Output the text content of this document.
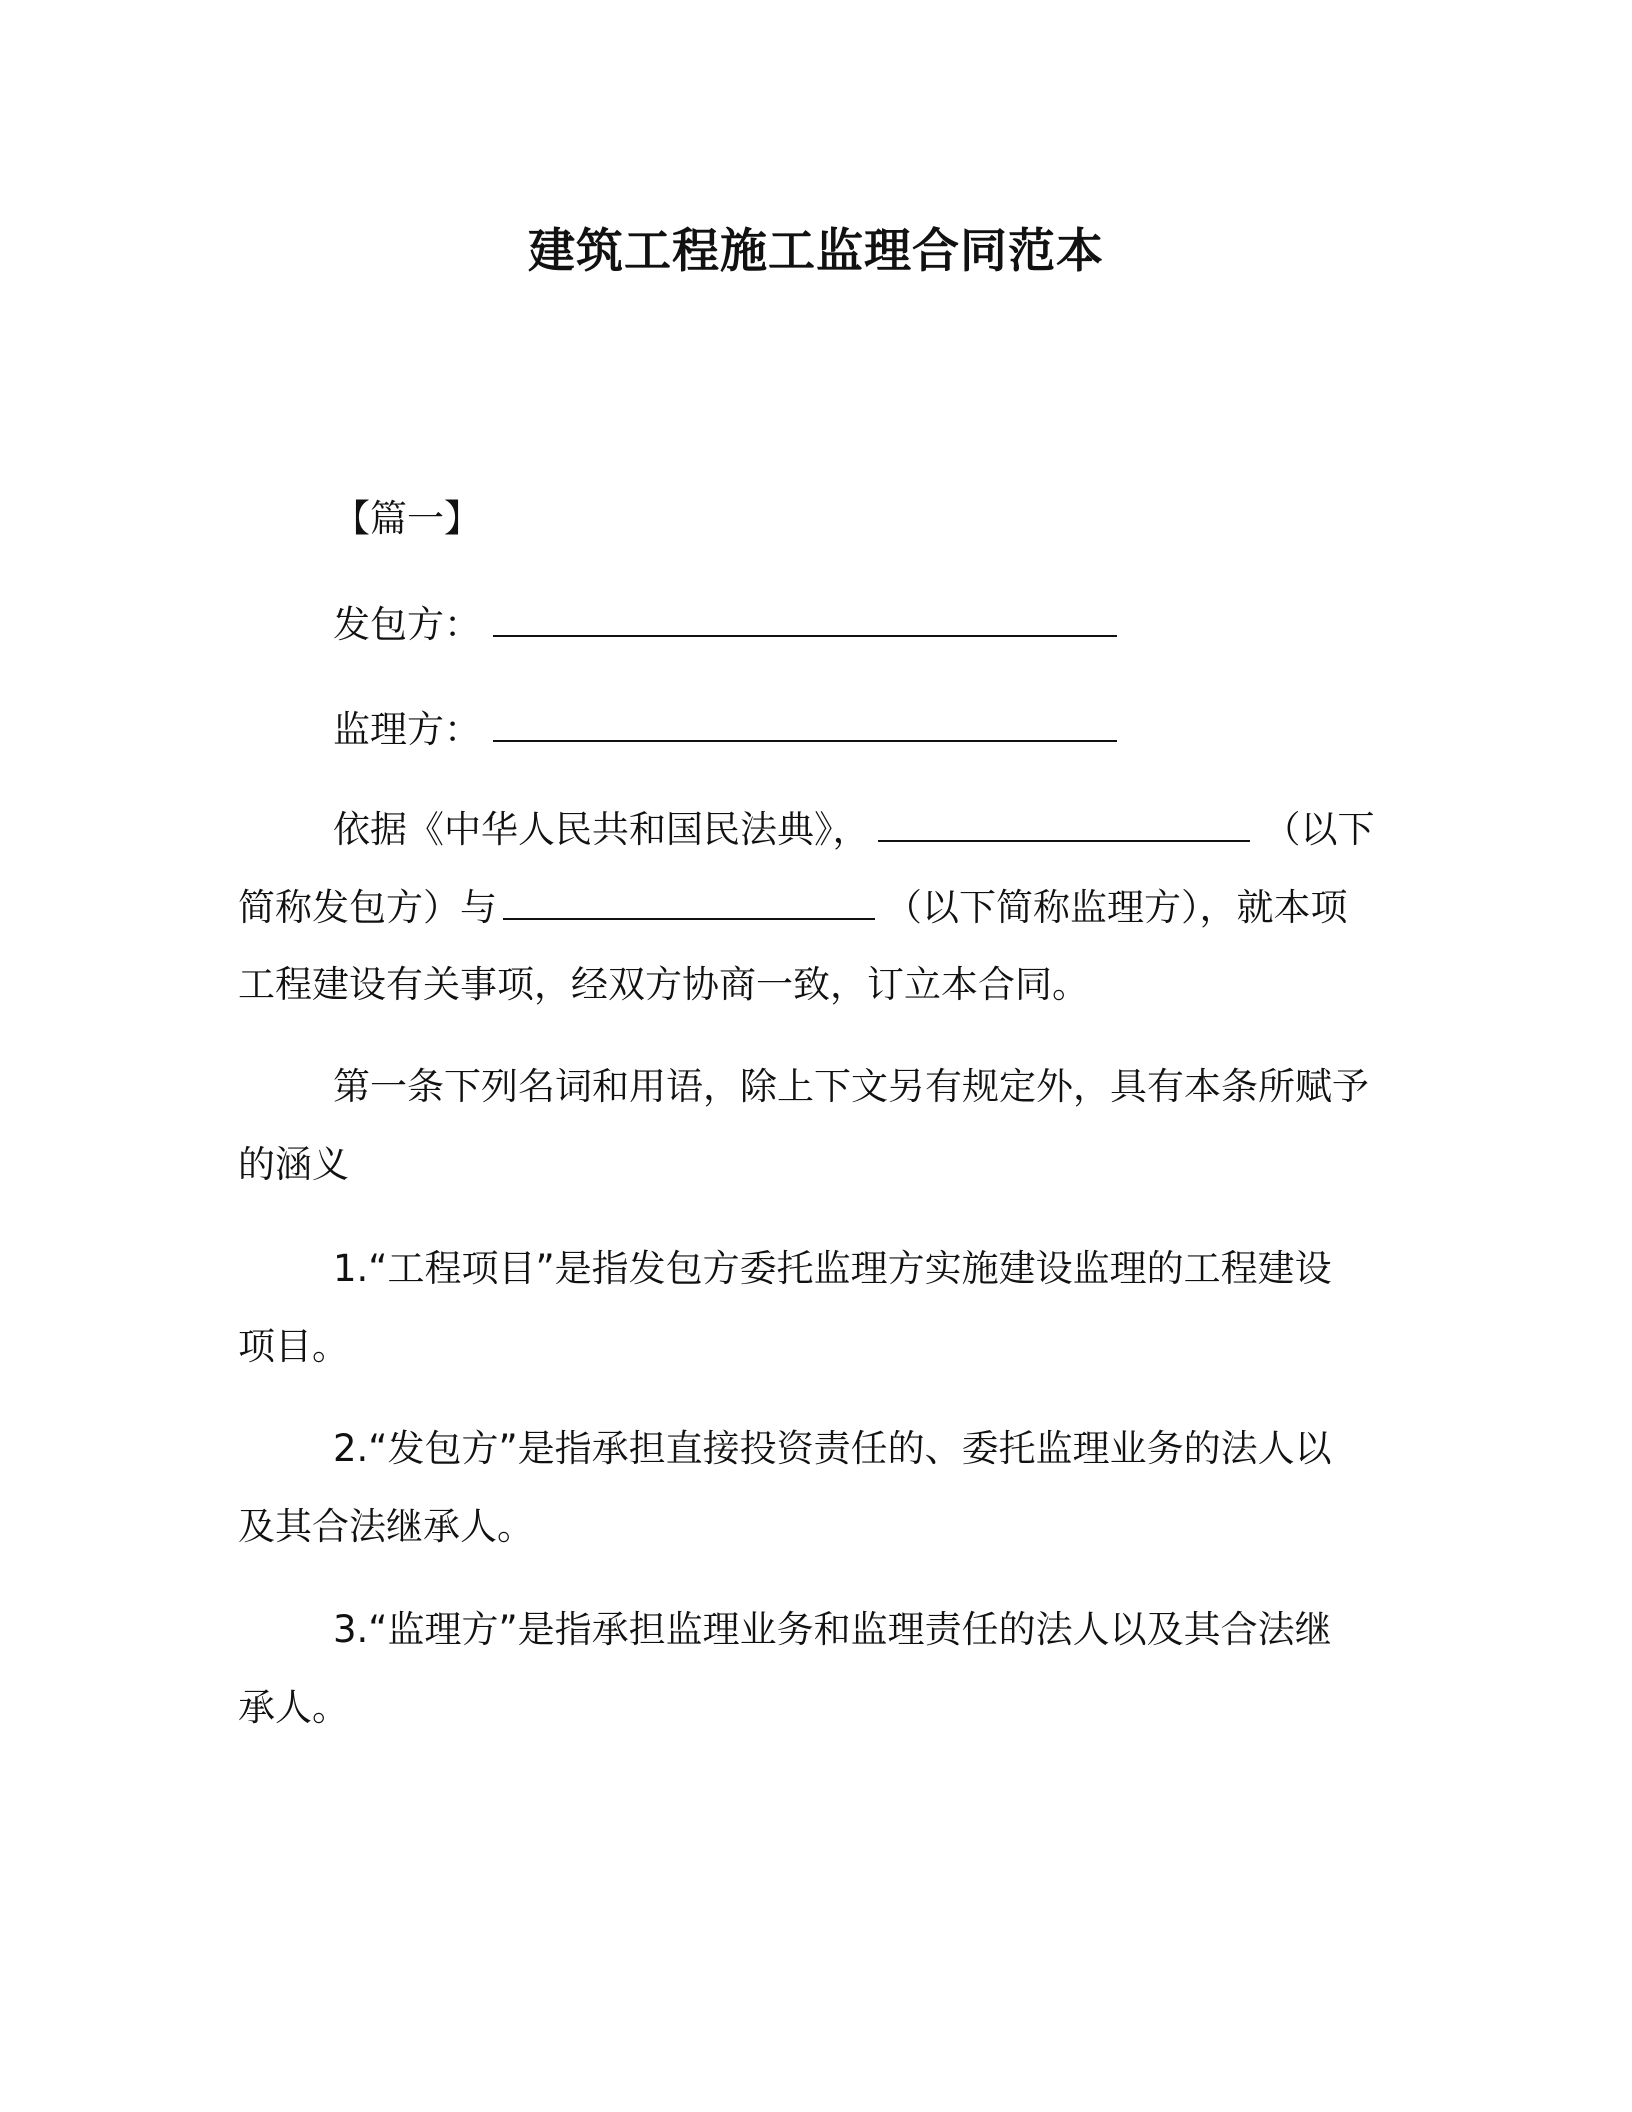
建筑工程施工监理合同范本
【篇一】
发包方：
监理方：
依据《中华人民共和国民法典》，	（以下
简称发包方）与	（以下简称监理方），就本项
工程建设有关事项，经双方协商一致，订立本合同。
第一条下列名词和用语，除上下文另有规定外，具有本条所赋予
的涵义
1.“工程项目”是指发包方委托监理方实施建设监理的工程建设
项目。
2.“发包方”是指承担直接投资责任的、委托监理业务的法人以
及其合法继承人。
3.“监理方”是指承担监理业务和监理责任的法人以及其合法继
承人。
